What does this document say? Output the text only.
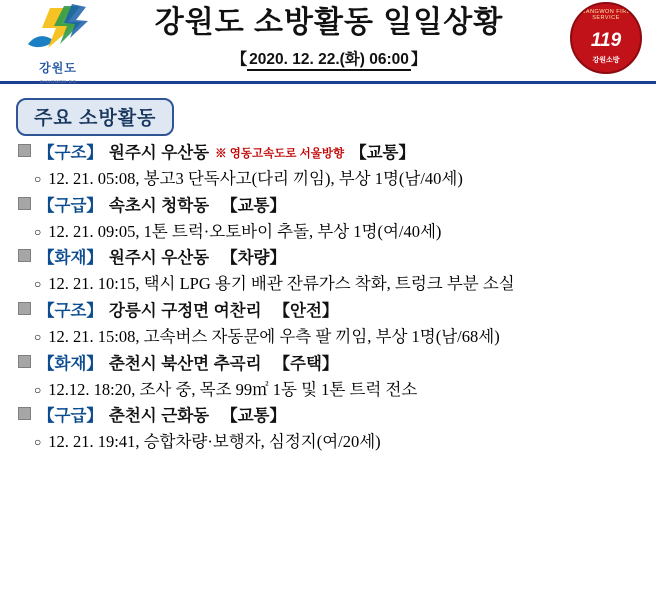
강원도
GANGWON-DO
강원도 소방활동 일일상황
【 2020. 12. 22.(화) 06:00 】
GANGWON FIRE SERVICE
119
강원소방
주요 소방활동
【구조】 원주시 우산동 ※ 영동고속도로 서울방향 【교통】
○ 12. 21. 05:08, 봉고3 단독사고(다리 끼임), 부상 1명(남/40세)
【구급】 속초시 청학동 【교통】
○ 12. 21. 09:05, 1톤 트럭·오토바이 추돌, 부상 1명(여/40세)
【화재】 원주시 우산동 【차량】
○ 12. 21. 10:15, 택시 LPG 용기 배관 잔류가스 착화, 트렁크 부분 소실
【구조】 강릉시 구정면 여찬리 【안전】
○ 12. 21. 15:08, 고속버스 자동문에 우측 팔 끼임, 부상 1명(남/68세)
【화재】 춘천시 북산면 추곡리 【주택】
○ 12.12. 18:20, 조사 중, 목조 99㎡ 1동 및 1톤 트럭 전소
【구급】 춘천시 근화동 【교통】
○ 12. 21. 19:41, 승합차량·보행자, 심정지(여/20세)
